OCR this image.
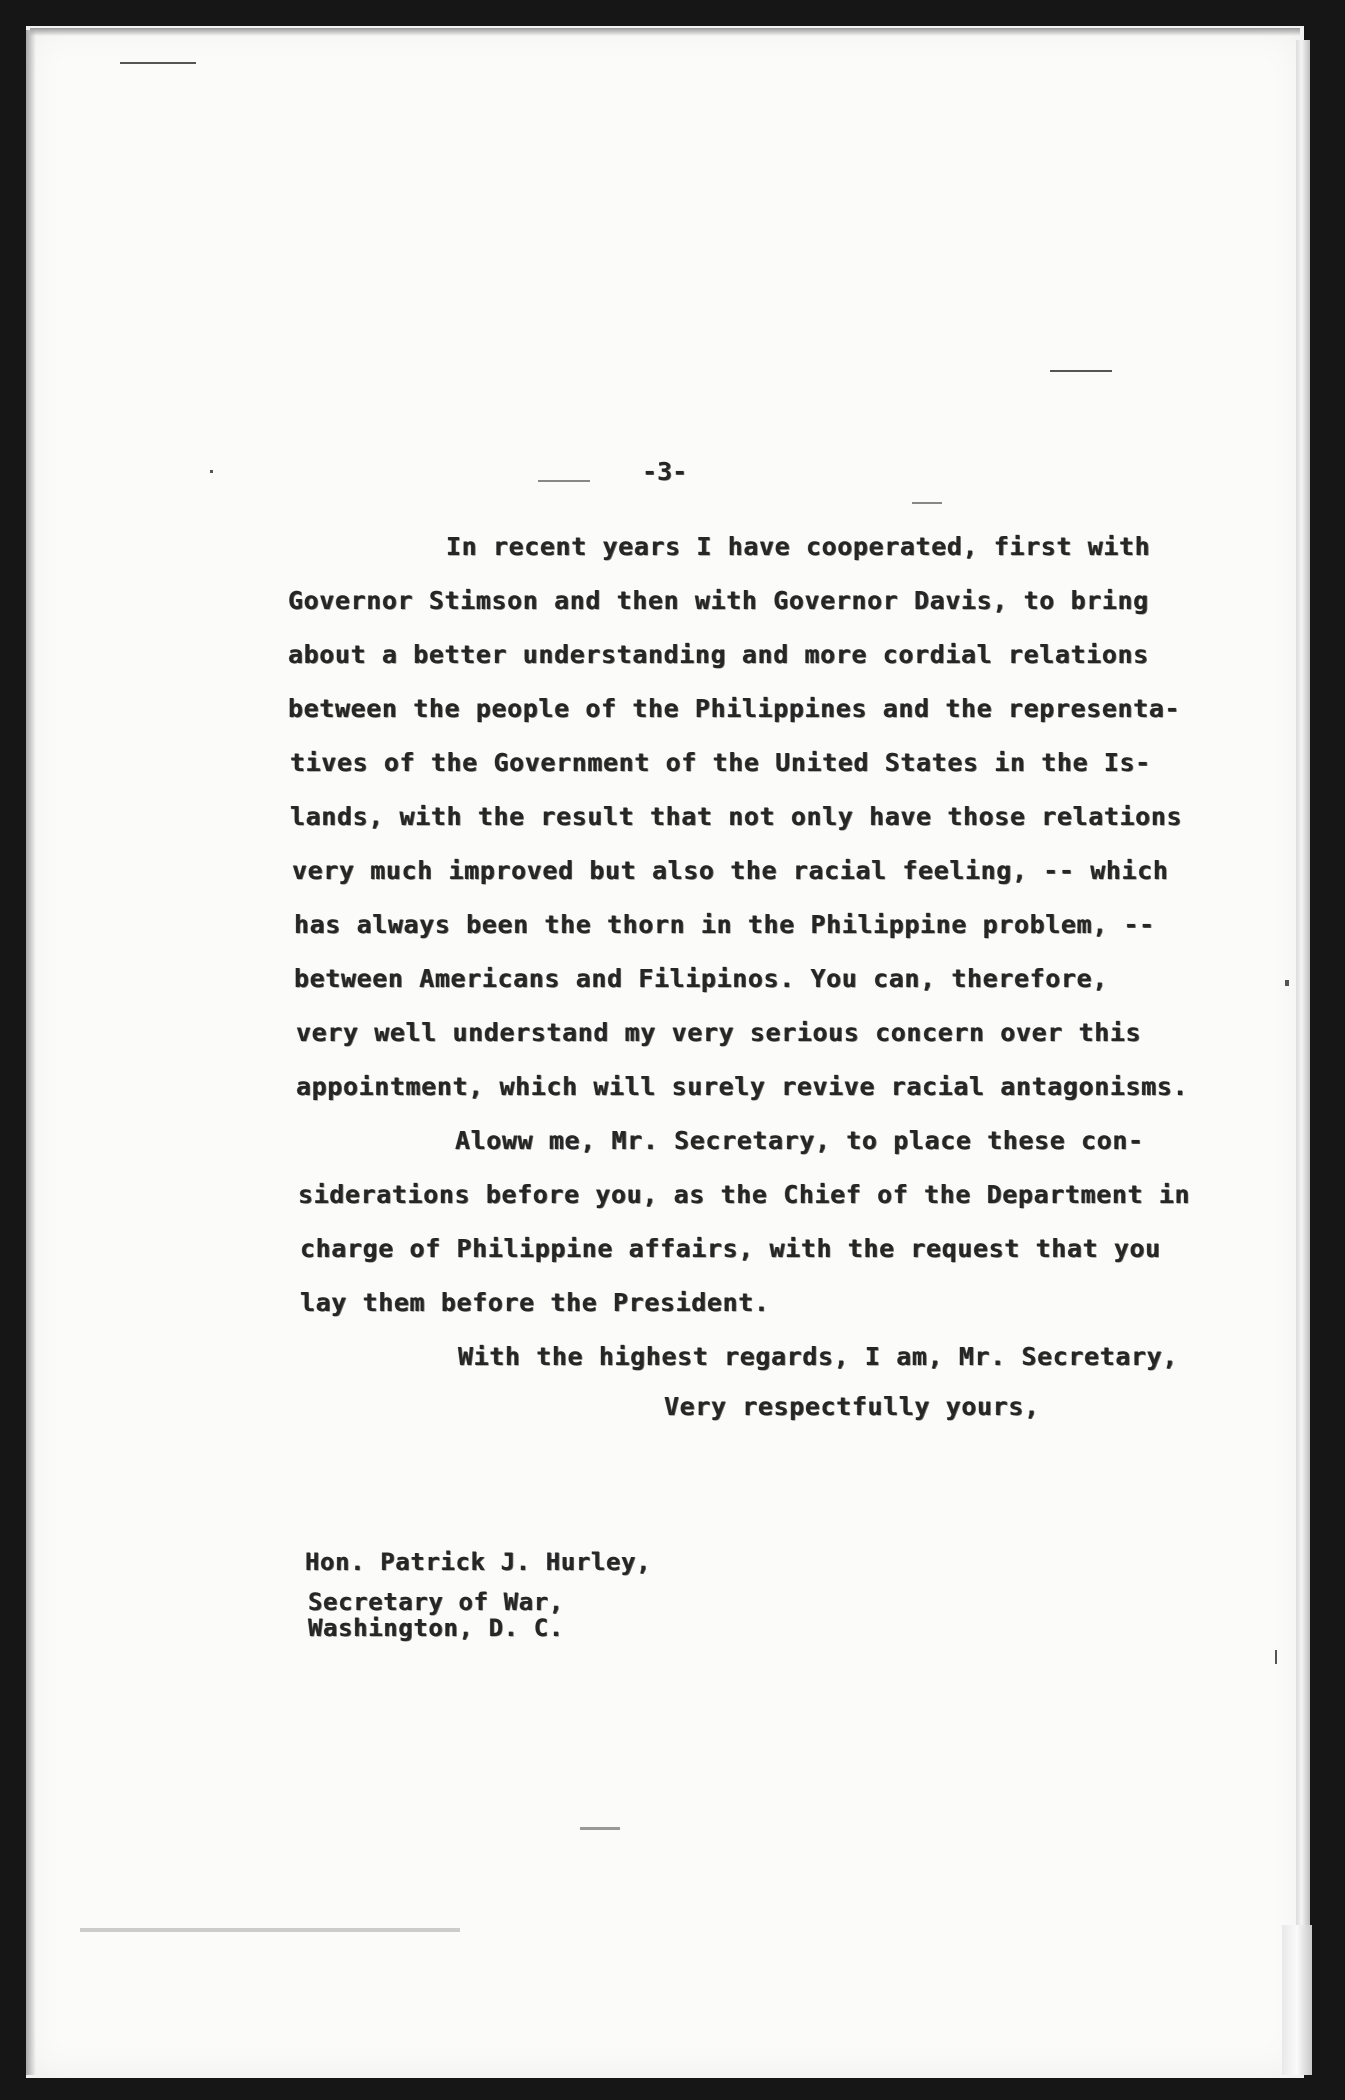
-3-
In recent years I have cooperated, first with
Governor Stimson and then with Governor Davis, to bring
about a better understanding and more cordial relations
between the people of the Philippines and the representa-
tives of the Government of the United States in the Is-
lands, with the result that not only have those relations
very much improved but also the racial feeling, -- which
has always been the thorn in the Philippine problem, --
between Americans and Filipinos. You can, therefore,
very well understand my very serious concern over this
appointment, which will surely revive racial antagonisms.
Aloww me, Mr. Secretary, to place these con-
siderations before you, as the Chief of the Department in
charge of Philippine affairs, with the request that you
lay them before the President.
With the highest regards, I am, Mr. Secretary,
Very respectfully yours,
Hon. Patrick J. Hurley,
Secretary of War,
Washington, D. C.
